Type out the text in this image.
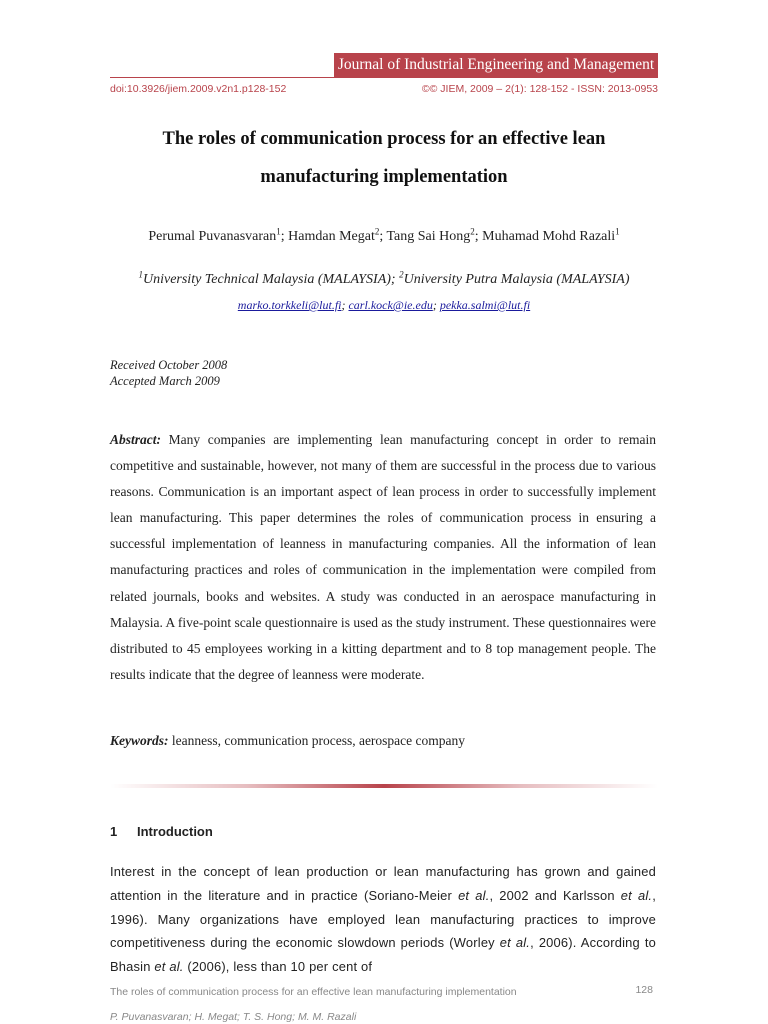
Journal of Industrial Engineering and Management
doi:10.3926/jiem.2009.v2n1.p128-152	©© JIEM, 2009 – 2(1): 128-152 - ISSN: 2013-0953
The roles of communication process for an effective lean
manufacturing implementation
Perumal Puvanasvaran$^1$; Hamdan Megat$^2$; Tang Sai Hong$^2$; Muhamad Mohd Razali$^1$
$^1$University Technical Malaysia (MALAYSIA); $^2$University Putra Malaysia (MALAYSIA)
marko.torkkeli@lut.fi; carl.kock@ie.edu; pekka.salmi@lut.fi
Received October 2008
Accepted March 2009
Abstract: Many companies are implementing lean manufacturing concept in order to remain competitive and sustainable, however, not many of them are successful in the process due to various reasons. Communication is an important aspect of lean process in order to successfully implement lean manufacturing. This paper determines the roles of communication process in ensuring a successful implementation of leanness in manufacturing companies. All the information of lean manufacturing practices and roles of communication in the implementation were compiled from related journals, books and websites. A study was conducted in an aerospace manufacturing in Malaysia. A five-point scale questionnaire is used as the study instrument. These questionnaires were distributed to 45 employees working in a kitting department and to 8 top management people. The results indicate that the degree of leanness were moderate.
Keywords: leanness, communication process, aerospace company
1 Introduction
Interest in the concept of lean production or lean manufacturing has grown and gained attention in the literature and in practice (Soriano-Meier et al., 2002 and Karlsson et al., 1996). Many organizations have employed lean manufacturing practices to improve competitiveness during the economic slowdown periods (Worley et al., 2006). According to Bhasin et al. (2006), less than 10 per cent of
The roles of communication process for an effective lean manufacturing implementation	128
P. Puvanasvaran; H. Megat; T. S. Hong; M. M. Razali
